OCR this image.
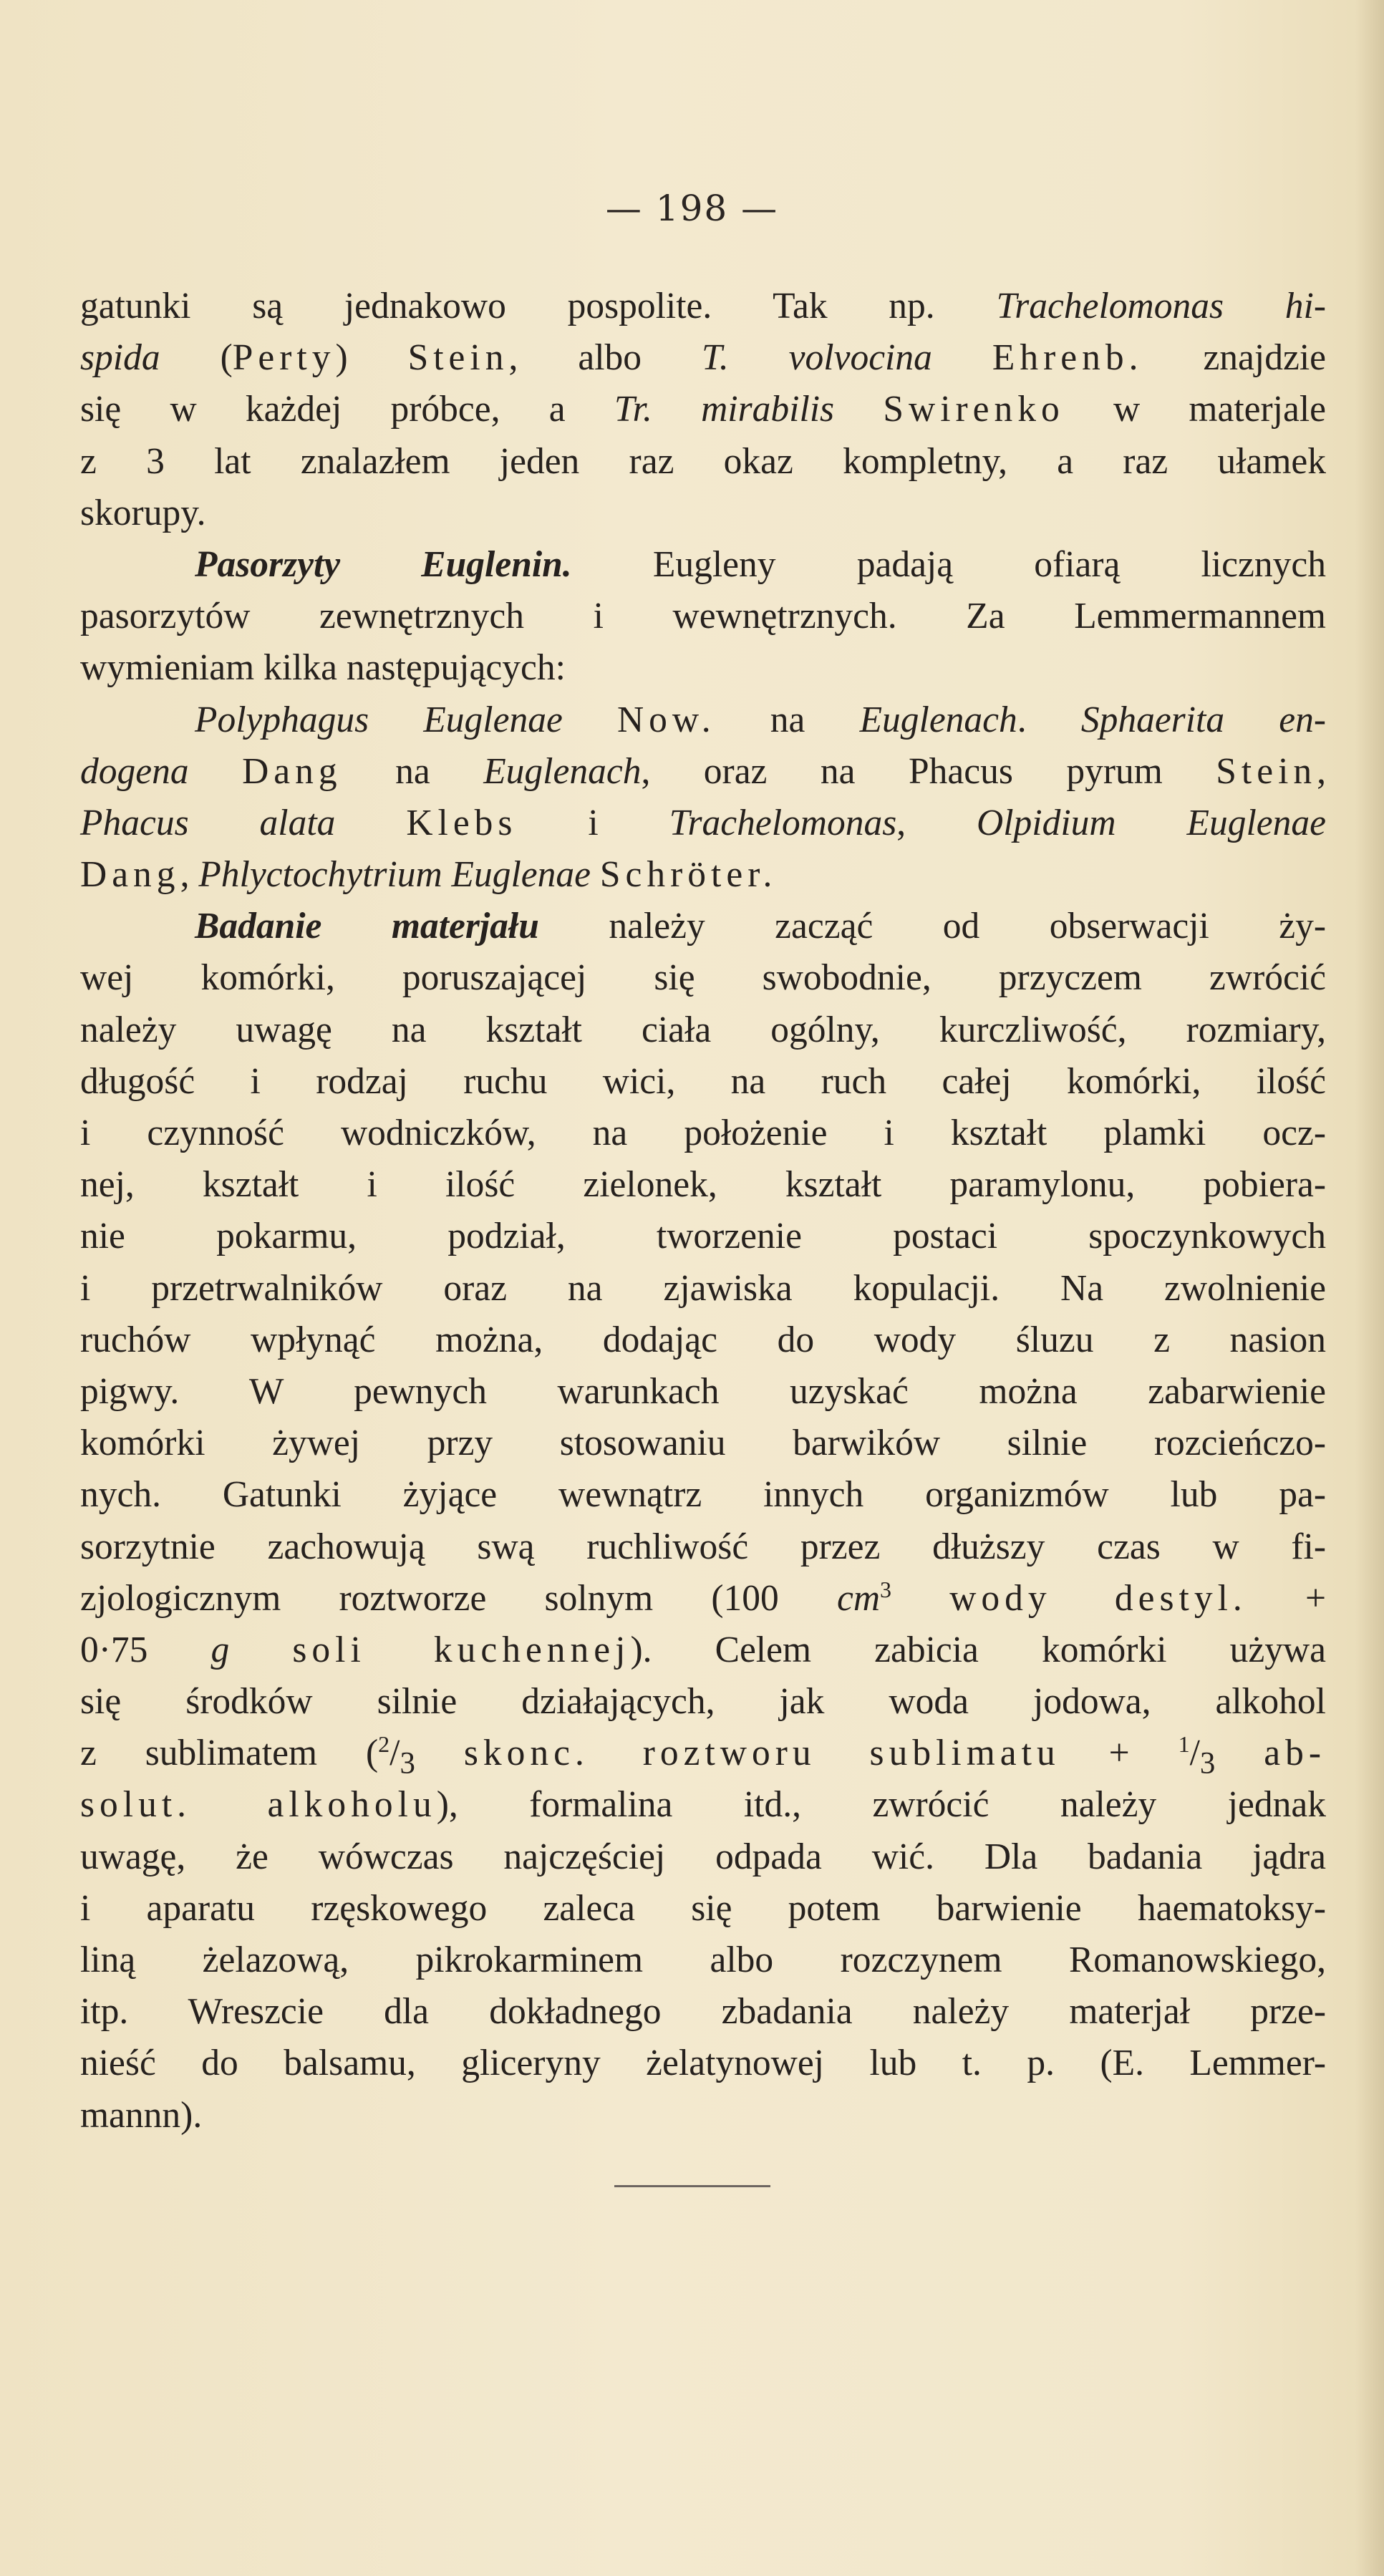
— 198 —
gatunki są jednakowo pospolite. Tak np. Trachelomonas hi-
spida (Perty) Stein, albo T. volvocina Ehrenb. znajdzie
się w każdej próbce, a Tr. mirabilis Swirenko w materjale
z 3 lat znalazłem jeden raz okaz kompletny, a raz ułamek
skorupy.
Pasorzyty Euglenin. Eugleny padają ofiarą licznych
pasorzytów zewnętrznych i wewnętrznych. Za Lemmermannem
wymieniam kilka następujących:
Polyphagus Euglenae Now. na Euglenach. Sphaerita en-
dogena Dang na Euglenach, oraz na Phacus pyrum Stein,
Phacus alata Klebs i Trachelomonas, Olpidium Euglenae
Dang, Phlyctochytrium Euglenae Schröter.
Badanie materjału należy zacząć od obserwacji ży-
wej komórki, poruszającej się swobodnie, przyczem zwrócić
należy uwagę na kształt ciała ogólny, kurczliwość, rozmiary,
długość i rodzaj ruchu wici, na ruch całej komórki, ilość
i czynność wodniczków, na położenie i kształt plamki ocz-
nej, kształt i ilość zielonek, kształt paramylonu, pobiera-
nie pokarmu, podział, tworzenie postaci spoczynkowych
i przetrwalników oraz na zjawiska kopulacji. Na zwolnienie
ruchów wpłynąć można, dodając do wody śluzu z nasion
pigwy. W pewnych warunkach uzyskać można zabarwienie
komórki żywej przy stosowaniu barwików silnie rozcieńczo-
nych. Gatunki żyjące wewnątrz innych organizmów lub pa-
sorzytnie zachowują swą ruchliwość przez dłuższy czas w fi-
zjologicznym roztworze solnym (100 $cm^3$ wody destyl. +
0·75 g soli kuchennej). Celem zabicia komórki używa
się środków silnie działających, jak woda jodowa, alkohol
z sublimatem ($^2/_3$ skonc. roztworu sublimatu + $^1/_3$ ab-
solut. alkoholu), formalina itd., zwrócić należy jednak
uwagę, że wówczas najczęściej odpada wić. Dla badania jądra
i aparatu rzęskowego zaleca się potem barwienie haematoksy-
liną żelazową, pikrokarminem albo rozczynem Romanowskiego,
itp. Wreszcie dla dokładnego zbadania należy materjał prze-
nieść do balsamu, gliceryny żelatynowej lub t. p. (E. Lemmer-
mannn).
